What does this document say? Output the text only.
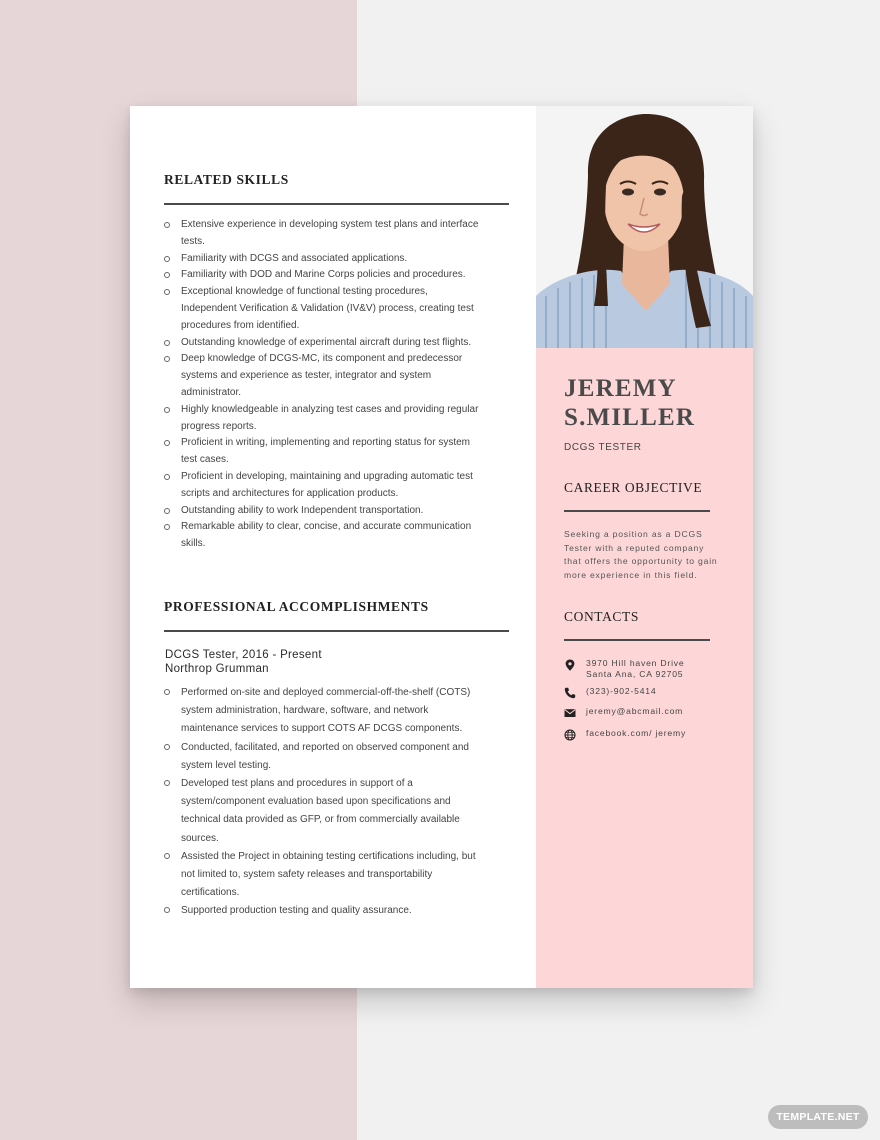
RELATED SKILLS
Extensive experience in developing system test plans and interface tests.
Familiarity with DCGS and associated applications.
Familiarity with DOD and Marine Corps policies and procedures.
Exceptional knowledge of functional testing procedures, Independent Verification & Validation (IV&V) process, creating test procedures from identified.
Outstanding knowledge of experimental aircraft during test flights.
Deep knowledge of DCGS-MC, its component and predecessor systems and experience as tester, integrator and system administrator.
Highly knowledgeable in analyzing test cases and providing regular progress reports.
Proficient in writing, implementing and reporting status for system test cases.
Proficient in developing, maintaining and upgrading automatic test scripts and architectures for application products.
Outstanding ability to work Independent transportation.
Remarkable ability to clear, concise, and accurate communication skills.
PROFESSIONAL ACCOMPLISHMENTS
DCGS Tester, 2016 - Present
Northrop Grumman
Performed on-site and deployed commercial-off-the-shelf (COTS) system administration, hardware, software, and network maintenance services to support COTS AF DCGS components.
Conducted, facilitated, and reported on observed component and system level testing.
Developed test plans and procedures in support of a system/component evaluation based upon specifications and technical data provided as GFP, or from commercially available sources.
Assisted the Project in obtaining testing certifications including, but not limited to, system safety releases and transportability certifications.
Supported production testing and quality assurance.
JEREMY
S.MILLER
DCGS TESTER
CAREER OBJECTIVE
Seeking a position as a DCGS Tester with a reputed company that offers the opportunity to gain more experience in this field.
CONTACTS
3970 Hill haven Drive
Santa Ana, CA 92705
(323)-902-5414
jeremy@abcmail.com
facebook.com/ jeremy
TEMPLATE.NET
